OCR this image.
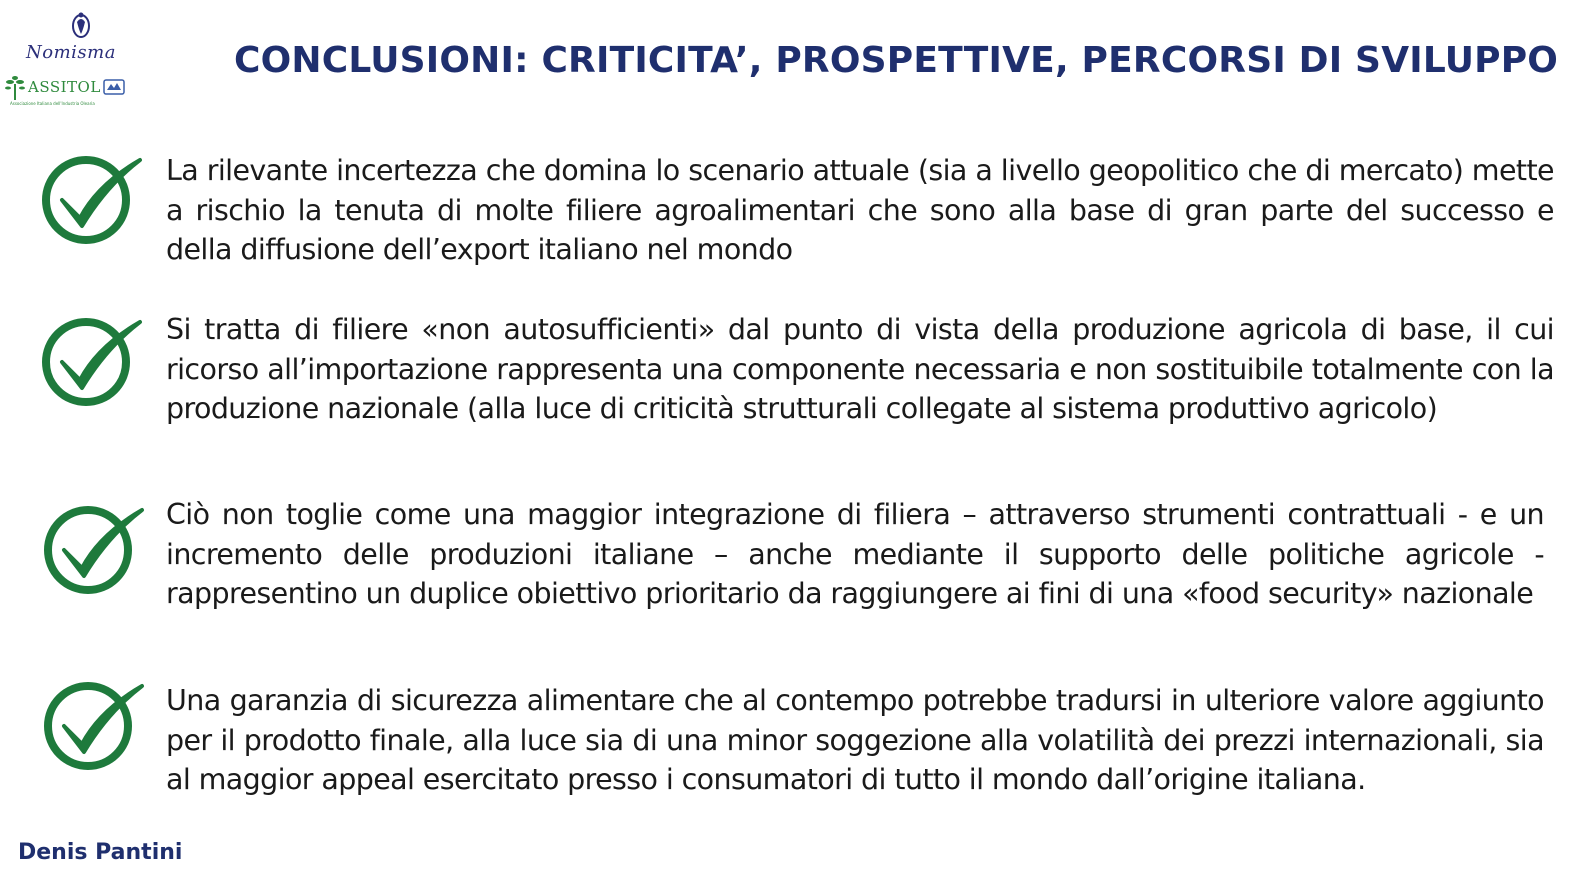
Nomisma
ASSITOL
Associazione Italiana dell'Industria Olearia
CONCLUSIONI: CRITICITA’, PROSPETTIVE, PERCORSI DI SVILUPPO
La rilevante incertezza che domina lo scenario attuale (sia a livello geopolitico che di mercato) mette a rischio la tenuta di molte filiere agroalimentari che sono alla base di gran parte del successo e della diffusione dell’export italiano nel mondo
Si tratta di filiere «non autosufficienti» dal punto di vista della produzione agricola di base, il cui ricorso all’importazione rappresenta una componente necessaria e non sostituibile totalmente con la produzione nazionale (alla luce di criticità strutturali collegate al sistema produttivo agricolo)
Ciò non toglie come una maggior integrazione di filiera – attraverso strumenti contrattuali - e un incremento delle produzioni italiane – anche mediante il supporto delle politiche agricole - rappresentino un duplice obiettivo prioritario da raggiungere ai fini di una «food security» nazionale
Una garanzia di sicurezza alimentare che al contempo potrebbe tradursi in ulteriore valore aggiunto per il prodotto finale, alla luce sia di una minor soggezione alla volatilità dei prezzi internazionali, sia al maggior appeal esercitato presso i consumatori di tutto il mondo dall’origine italiana.
Denis Pantini
